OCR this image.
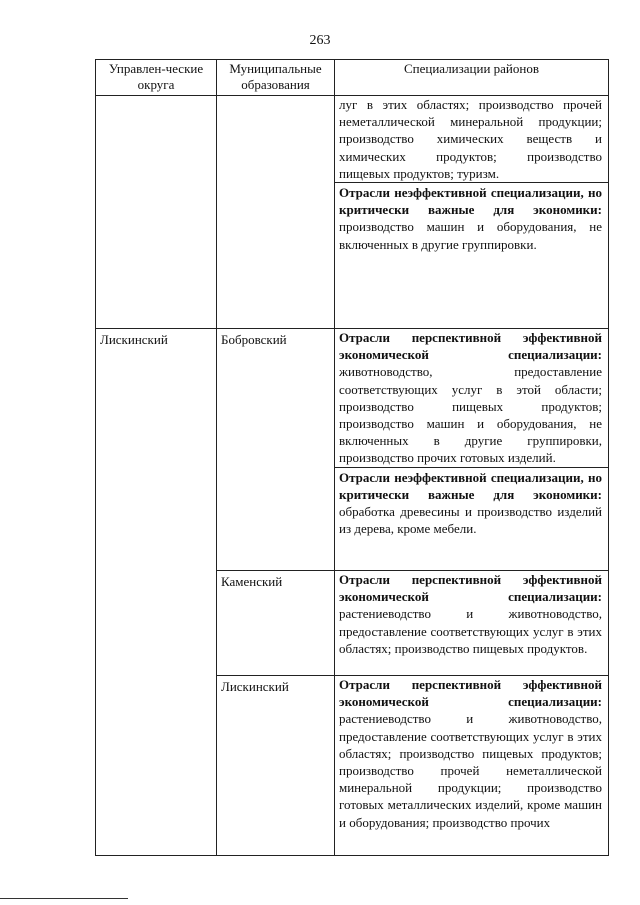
263
Управлен-ческие округа	Муниципальные образования	Специализации районов

		луг в этих областях; производство прочей неметаллической минеральной продукции; производство химических веществ и химических продуктов; производство пищевых продуктов; туризм.
Отрасли неэффективной специализации, но критически важные для экономики: производство машин и оборудования, не включенных в другие группировки.

Лискинский	Бобровский	Отрасли перспективной эффективной экономической специализации: животноводство, предоставление соответствующих услуг в этой области; производство пищевых продуктов; производство машин и оборудования, не включенных в другие группировки, производство прочих готовых изделий.
Отрасли неэффективной специализации, но критически важные для экономики: обработка древесины и производство изделий из дерева, кроме мебели.

	Каменский	Отрасли перспективной эффективной экономической специализации: растениеводство и животноводство, предоставление соответствующих услуг в этих областях; производство пищевых продуктов.

	Лискинский	Отрасли перспективной эффективной экономической специализации: растениеводство и животноводство, предоставление соответствующих услуг в этих областях; производство пищевых продуктов; производство прочей неметаллической минеральной продукции; производство готовых металлических изделий, кроме машин и оборудования; производство прочих
